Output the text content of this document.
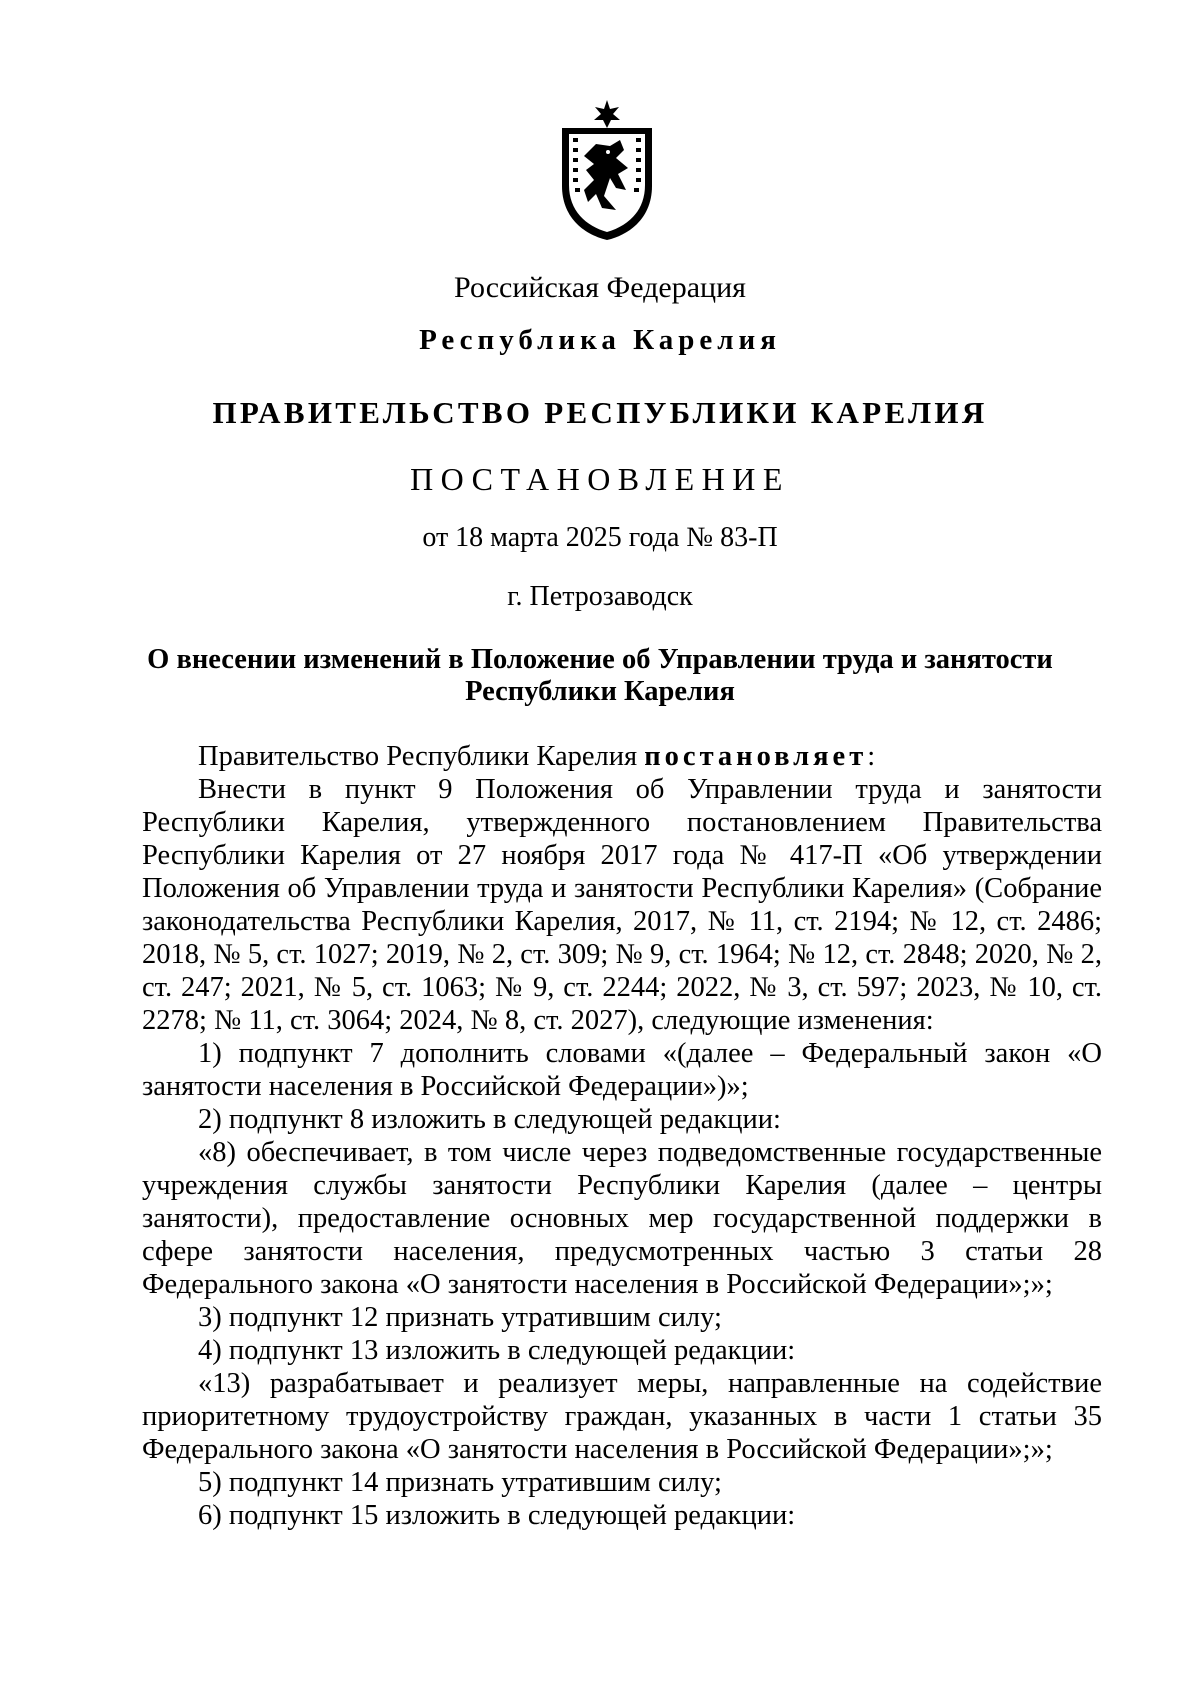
Российская Федерация
Республика Карелия
ПРАВИТЕЛЬСТВО РЕСПУБЛИКИ КАРЕЛИЯ
ПОСТАНОВЛЕНИЕ
от 18 марта 2025 года № 83-П
г. Петрозаводск
О внесении изменений в Положение об Управлении труда и занятости
Республики Карелия

Правительство Республики Карелия постановляет:

Внести в пункт 9 Положения об Управлении труда и занятости Республики Карелия, утвержденного постановлением Правительства Республики Карелия от 27 ноября 2017 года № 417-П «Об утверждении Положения об Управлении труда и занятости Республики Карелия» (Собрание законодательства Республики Карелия, 2017, № 11, ст. 2194; № 12, ст. 2486; 2018, № 5, ст. 1027; 2019, № 2, ст. 309; № 9, ст. 1964; № 12, ст. 2848; 2020, № 2, ст. 247; 2021, № 5, ст. 1063; № 9, ст. 2244; 2022, № 3, ст. 597; 2023, № 10, ст. 2278; № 11, ст. 3064; 2024, № 8, ст. 2027), следующие изменения:

1) подпункт 7 дополнить словами «(далее – Федеральный закон «О занятости населения в Российской Федерации»)»;

2) подпункт 8 изложить в следующей редакции:

«8) обеспечивает, в том числе через подведомственные государственные учреждения службы занятости Республики Карелия (далее – центры занятости), предоставление основных мер государственной поддержки в сфере занятости населения, предусмотренных частью 3 статьи 28 Федерального закона «О занятости населения в Российской Федерации»;»;

3) подпункт 12 признать утратившим силу;

4) подпункт 13 изложить в следующей редакции:

«13) разрабатывает и реализует меры, направленные на содействие приоритетному трудоустройству граждан, указанных в части 1 статьи 35 Федерального закона «О занятости населения в Российской Федерации»;»;

5) подпункт 14 признать утратившим силу;

6) подпункт 15 изложить в следующей редакции:
